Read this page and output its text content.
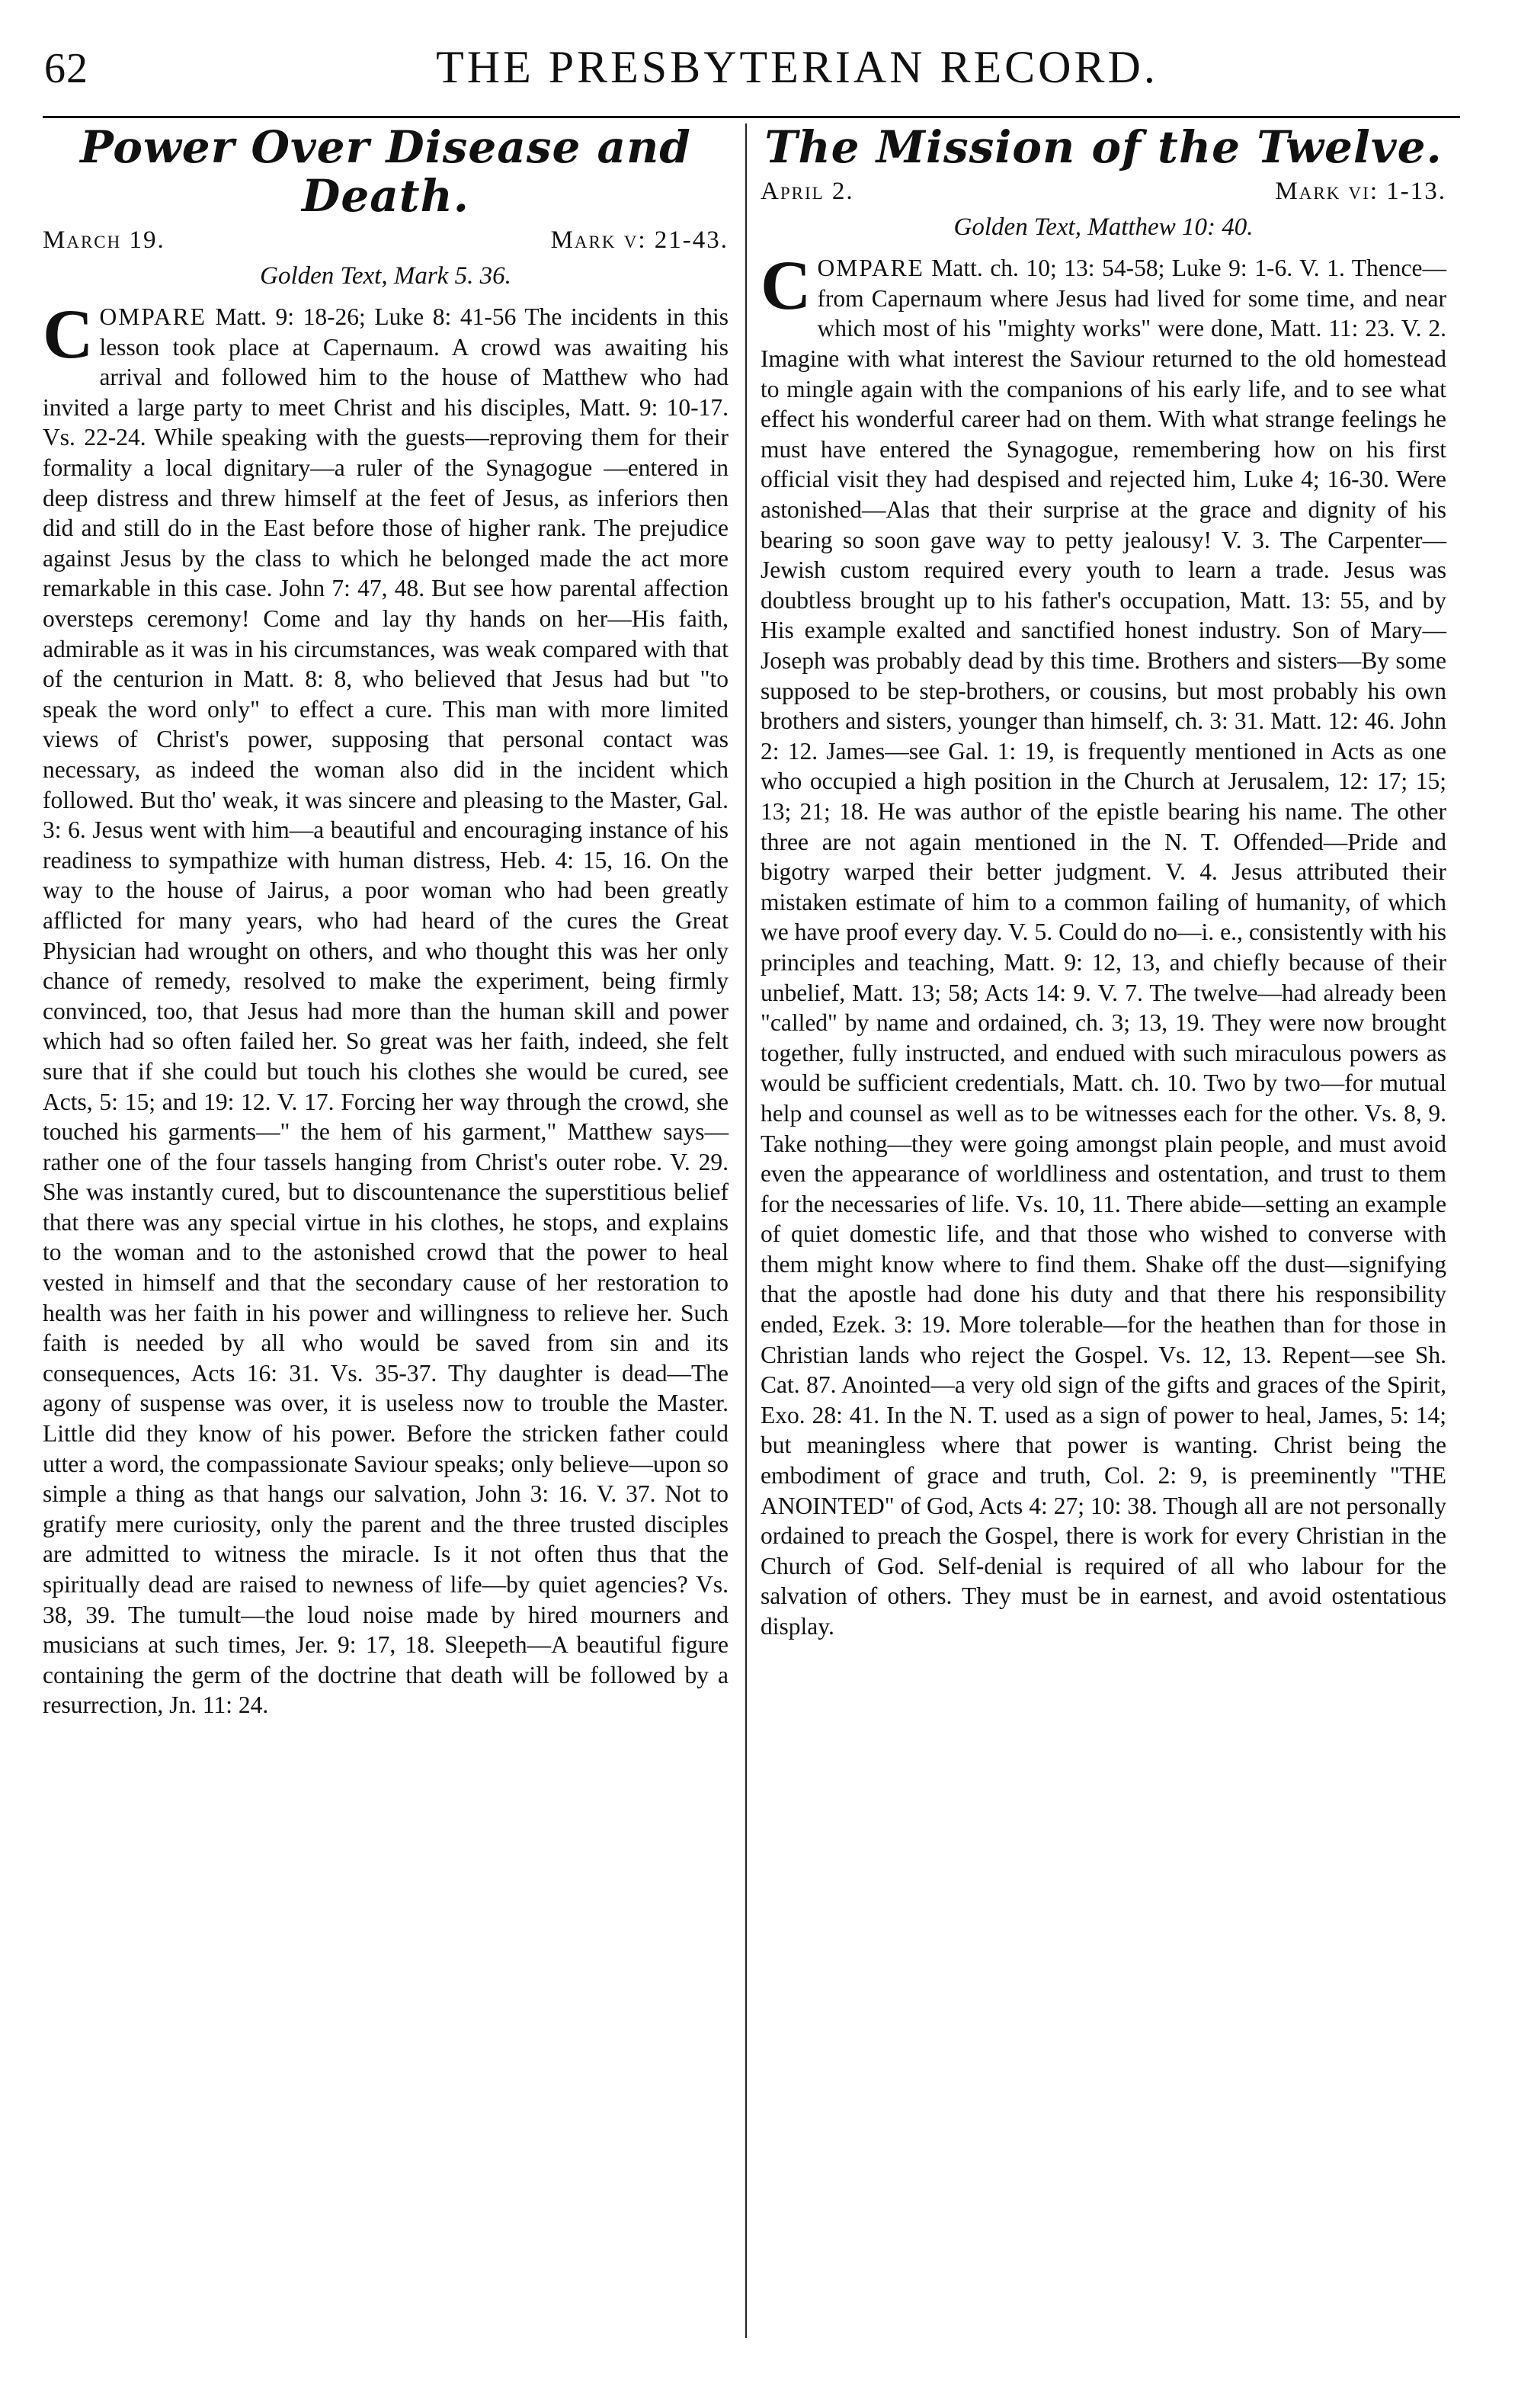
62	THE PRESBYTERIAN RECORD.
Power Over Disease and Death.
March 19.	Mark v: 21-43.
Golden Text, Mark 5. 36.
COMPARE Matt. 9: 18-26; Luke 8: 41-56 The incidents in this lesson took place at Capernaum. A crowd was awaiting his arrival and followed him to the house of Matthew who had invited a large party to meet Christ and his disciples, Matt. 9: 10-17. Vs. 22-24. While speaking with the guests—reproving them for their formality a local dignitary—a ruler of the Synagogue —entered in deep distress and threw himself at the feet of Jesus, as inferiors then did and still do in the East before those of higher rank. The prejudice against Jesus by the class to which he belonged made the act more remarkable in this case. John 7: 47, 48. But see how parental affection oversteps ceremony! Come and lay thy hands on her—His faith, admirable as it was in his circumstances, was weak compared with that of the centurion in Matt. 8: 8, who believed that Jesus had but "to speak the word only" to effect a cure. This man with more limited views of Christ's power, supposing that personal contact was necessary, as indeed the woman also did in the incident which followed. But tho' weak, it was sincere and pleasing to the Master, Gal. 3: 6. Jesus went with him—a beautiful and encouraging instance of his readiness to sympathize with human distress, Heb. 4: 15, 16. On the way to the house of Jairus, a poor woman who had been greatly afflicted for many years, who had heard of the cures the Great Physician had wrought on others, and who thought this was her only chance of remedy, resolved to make the experiment, being firmly convinced, too, that Jesus had more than the human skill and power which had so often failed her. So great was her faith, indeed, she felt sure that if she could but touch his clothes she would be cured, see Acts, 5: 15; and 19: 12. V. 17. Forcing her way through the crowd, she touched his garments—" the hem of his garment," Matthew says—rather one of the four tassels hanging from Christ's outer robe. V. 29. She was instantly cured, but to discountenance the superstitious belief that there was any special virtue in his clothes, he stops, and explains to the woman and to the astonished crowd that the power to heal vested in himself and that the secondary cause of her restoration to health was her faith in his power and willingness to relieve her. Such faith is needed by all who would be saved from sin and its consequences, Acts 16: 31. Vs. 35-37. Thy daughter is dead—The agony of suspense was over, it is useless now to trouble the Master. Little did they know of his power. Before the stricken father could utter a word, the compassionate Saviour speaks; only believe—upon so simple a thing as that hangs our salvation, John 3: 16. V. 37. Not to gratify mere curiosity, only the parent and the three trusted disciples are admitted to witness the miracle. Is it not often thus that the spiritually dead are raised to newness of life—by quiet agencies? Vs. 38, 39. The tumult—the loud noise made by hired mourners and musicians at such times, Jer. 9: 17, 18. Sleepeth—A beautiful figure containing the germ of the doctrine that death will be followed by a resurrection, Jn. 11: 24.
The Mission of the Twelve.
April 2.	Mark vi: 1-13.
Golden Text, Matthew 10: 40.
COMPARE Matt. ch. 10; 13: 54-58; Luke 9: 1-6. V. 1. Thence—from Capernaum where Jesus had lived for some time, and near which most of his "mighty works" were done, Matt. 11: 23. V. 2. Imagine with what interest the Saviour returned to the old homestead to mingle again with the companions of his early life, and to see what effect his wonderful career had on them. With what strange feelings he must have entered the Synagogue, remembering how on his first official visit they had despised and rejected him, Luke 4; 16-30. Were astonished—Alas that their surprise at the grace and dignity of his bearing so soon gave way to petty jealousy! V. 3. The Carpenter—Jewish custom required every youth to learn a trade. Jesus was doubtless brought up to his father's occupation, Matt. 13: 55, and by His example exalted and sanctified honest industry. Son of Mary—Joseph was probably dead by this time. Brothers and sisters—By some supposed to be step-brothers, or cousins, but most probably his own brothers and sisters, younger than himself, ch. 3: 31. Matt. 12: 46. John 2: 12. James—see Gal. 1: 19, is frequently mentioned in Acts as one who occupied a high position in the Church at Jerusalem, 12: 17; 15; 13; 21; 18. He was author of the epistle bearing his name. The other three are not again mentioned in the N. T. Offended—Pride and bigotry warped their better judgment. V. 4. Jesus attributed their mistaken estimate of him to a common failing of humanity, of which we have proof every day. V. 5. Could do no—i. e., consistently with his principles and teaching, Matt. 9: 12, 13, and chiefly because of their unbelief, Matt. 13; 58; Acts 14: 9. V. 7. The twelve—had already been "called" by name and ordained, ch. 3; 13, 19. They were now brought together, fully instructed, and endued with such miraculous powers as would be sufficient credentials, Matt. ch. 10. Two by two—for mutual help and counsel as well as to be witnesses each for the other. Vs. 8, 9. Take nothing—they were going amongst plain people, and must avoid even the appearance of worldliness and ostentation, and trust to them for the necessaries of life. Vs. 10, 11. There abide—setting an example of quiet domestic life, and that those who wished to converse with them might know where to find them. Shake off the dust—signifying that the apostle had done his duty and that there his responsibility ended, Ezek. 3: 19. More tolerable—for the heathen than for those in Christian lands who reject the Gospel. Vs. 12, 13. Repent—see Sh. Cat. 87. Anointed—a very old sign of the gifts and graces of the Spirit, Exo. 28: 41. In the N. T. used as a sign of power to heal, James, 5: 14; but meaningless where that power is wanting. Christ being the embodiment of grace and truth, Col. 2: 9, is preeminently "THE ANOINTED" of God, Acts 4: 27; 10: 38. Though all are not personally ordained to preach the Gospel, there is work for every Christian in the Church of God. Self-denial is required of all who labour for the salvation of others. They must be in earnest, and avoid ostentatious display.
